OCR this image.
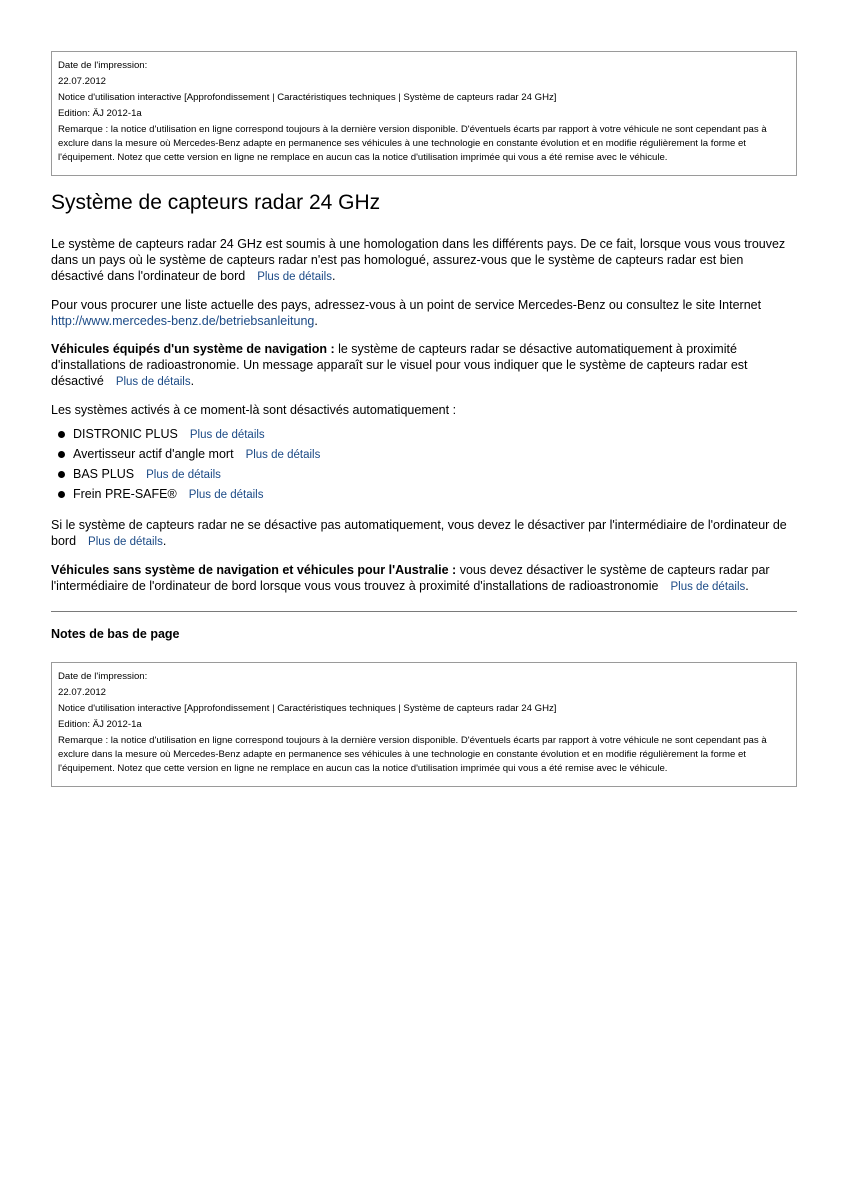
Date de l'impression:

22.07.2012

Notice d'utilisation interactive [Approfondissement | Caractéristiques techniques | Système de capteurs radar 24 GHz]

Edition: ÄJ 2012-1a

Remarque : la notice d'utilisation en ligne correspond toujours à la dernière version disponible. D'éventuels écarts par rapport à votre véhicule ne sont cependant pas à exclure dans la mesure où Mercedes-Benz adapte en permanence ses véhicules à une technologie en constante évolution et en modifie régulièrement la forme et l'équipement. Notez que cette version en ligne ne remplace en aucun cas la notice d'utilisation imprimée qui vous a été remise avec le véhicule.

Système de capteurs radar 24 GHz

Le système de capteurs radar 24 GHz est soumis à une homologation dans les différents pays. De ce fait, lorsque vous vous trouvez dans un pays où le système de capteurs radar n'est pas homologué, assurez-vous que le système de capteurs radar est bien désactivé dans l'ordinateur de bord Plus de détails.

Pour vous procurer une liste actuelle des pays, adressez-vous à un point de service Mercedes-Benz ou consultez le site Internet http://www.mercedes-benz.de/betriebsanleitung.

Véhicules équipés d'un système de navigation : le système de capteurs radar se désactive automatiquement à proximité d'installations de radioastronomie. Un message apparaît sur le visuel pour vous indiquer que le système de capteurs radar est désactivé Plus de détails.

Les systèmes activés à ce moment-là sont désactivés automatiquement :

DISTRONIC PLUS Plus de détails
Avertisseur actif d'angle mort Plus de détails
BAS PLUS Plus de détails
Frein PRE-SAFE® Plus de détails

Si le système de capteurs radar ne se désactive pas automatiquement, vous devez le désactiver par l'intermédiaire de l'ordinateur de bord Plus de détails.

Véhicules sans système de navigation et véhicules pour l'Australie : vous devez désactiver le système de capteurs radar par l'intermédiaire de l'ordinateur de bord lorsque vous vous trouvez à proximité d'installations de radioastronomie Plus de détails.

Notes de bas de page

Date de l'impression:

22.07.2012

Notice d'utilisation interactive [Approfondissement | Caractéristiques techniques | Système de capteurs radar 24 GHz]

Edition: ÄJ 2012-1a

Remarque : la notice d'utilisation en ligne correspond toujours à la dernière version disponible. D'éventuels écarts par rapport à votre véhicule ne sont cependant pas à exclure dans la mesure où Mercedes-Benz adapte en permanence ses véhicules à une technologie en constante évolution et en modifie régulièrement la forme et l'équipement. Notez que cette version en ligne ne remplace en aucun cas la notice d'utilisation imprimée qui vous a été remise avec le véhicule.
